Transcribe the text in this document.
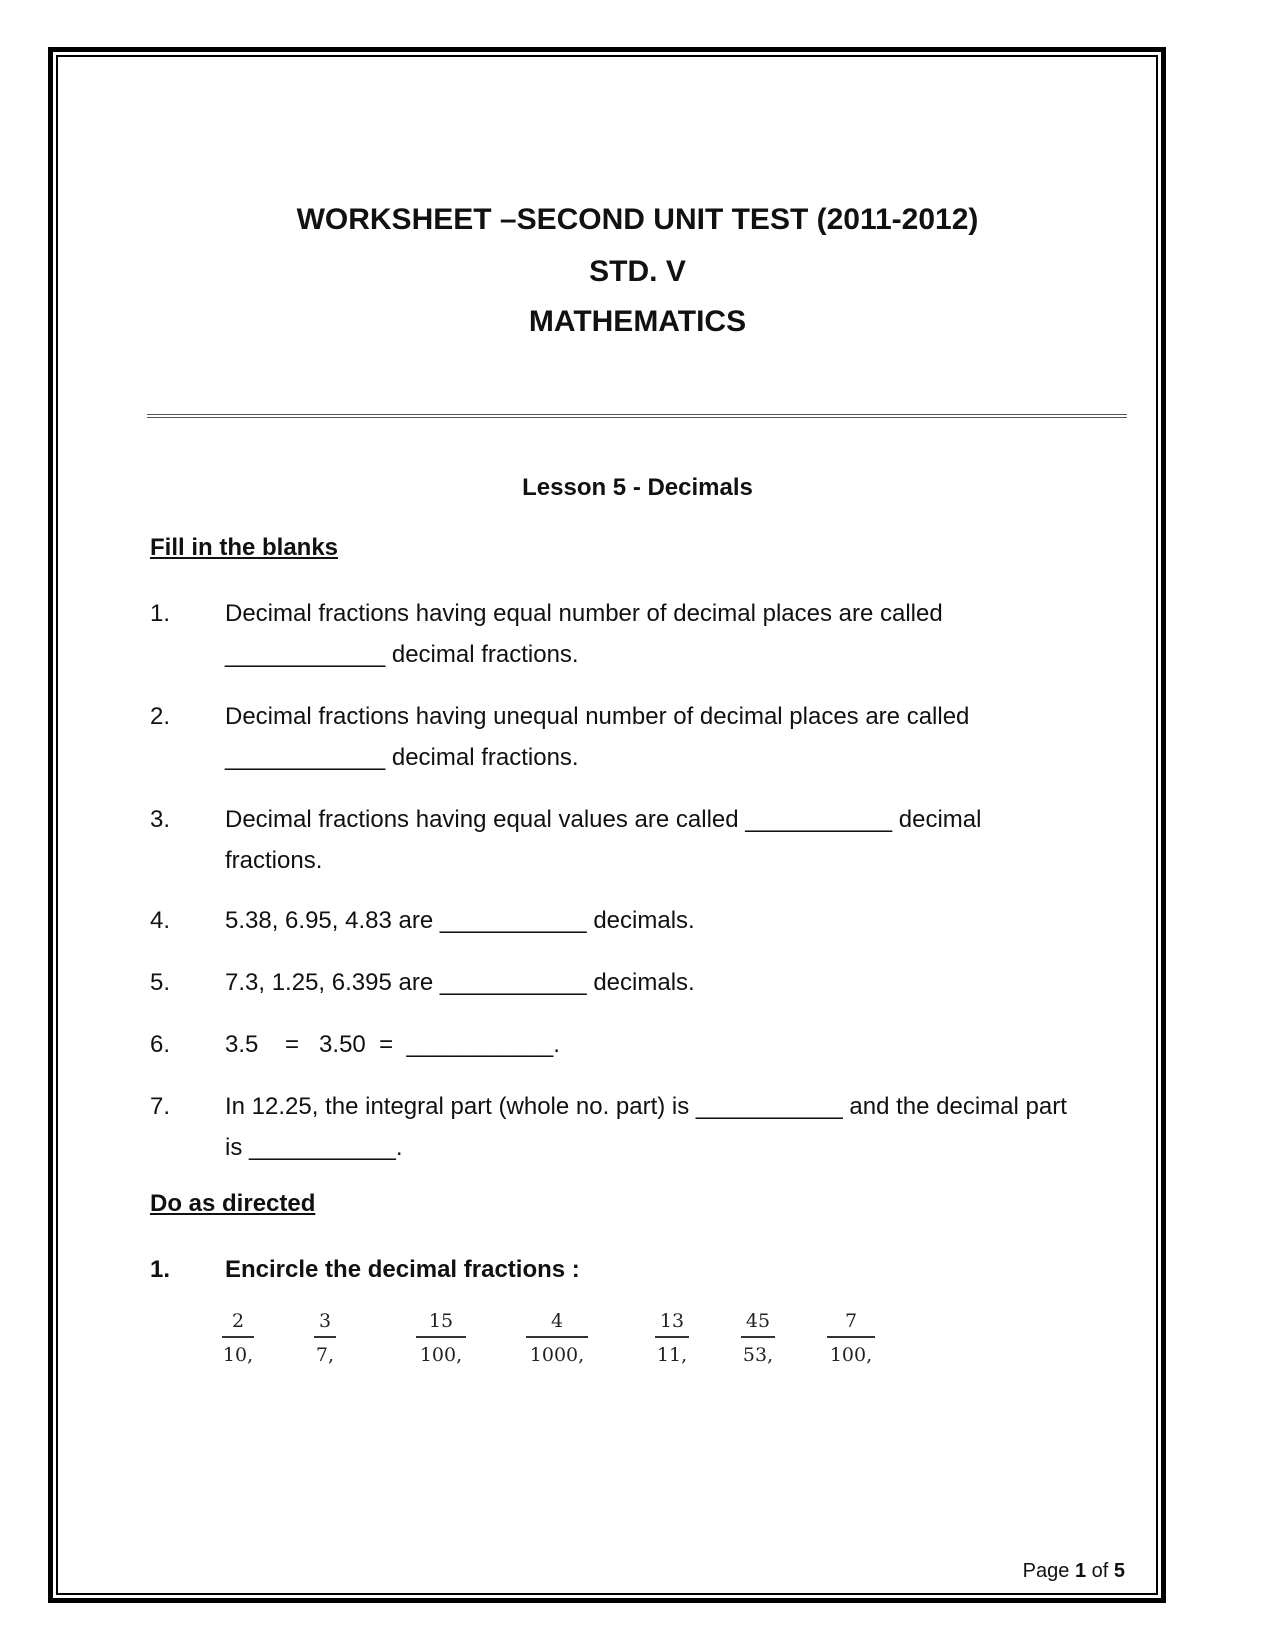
WORKSHEET –SECOND UNIT TEST (2011-2012)
STD. V
MATHEMATICS
Lesson 5 - Decimals
Fill in the blanks
1. Decimal fractions having equal number of decimal places are called ____________ decimal fractions.
2. Decimal fractions having unequal number of decimal places are called ____________ decimal fractions.
3. Decimal fractions having equal values are called ___________ decimal fractions.
4. 5.38, 6.95, 4.83 are ___________ decimals.
5. 7.3, 1.25, 6.395 are ___________ decimals.
6. 3.5    =   3.50  =  ___________.
7. In 12.25, the integral part (whole no. part) is ___________ and the decimal part is ___________.
Do as directed
1. Encircle the decimal fractions :
$\frac{2}{10,}$	$\frac{3}{7,}$	$\frac{15}{100,}$	$\frac{4}{1000,}$	$\frac{13}{11,}$	$\frac{45}{53,}$	$\frac{7}{100,}$
Page 1 of 5
